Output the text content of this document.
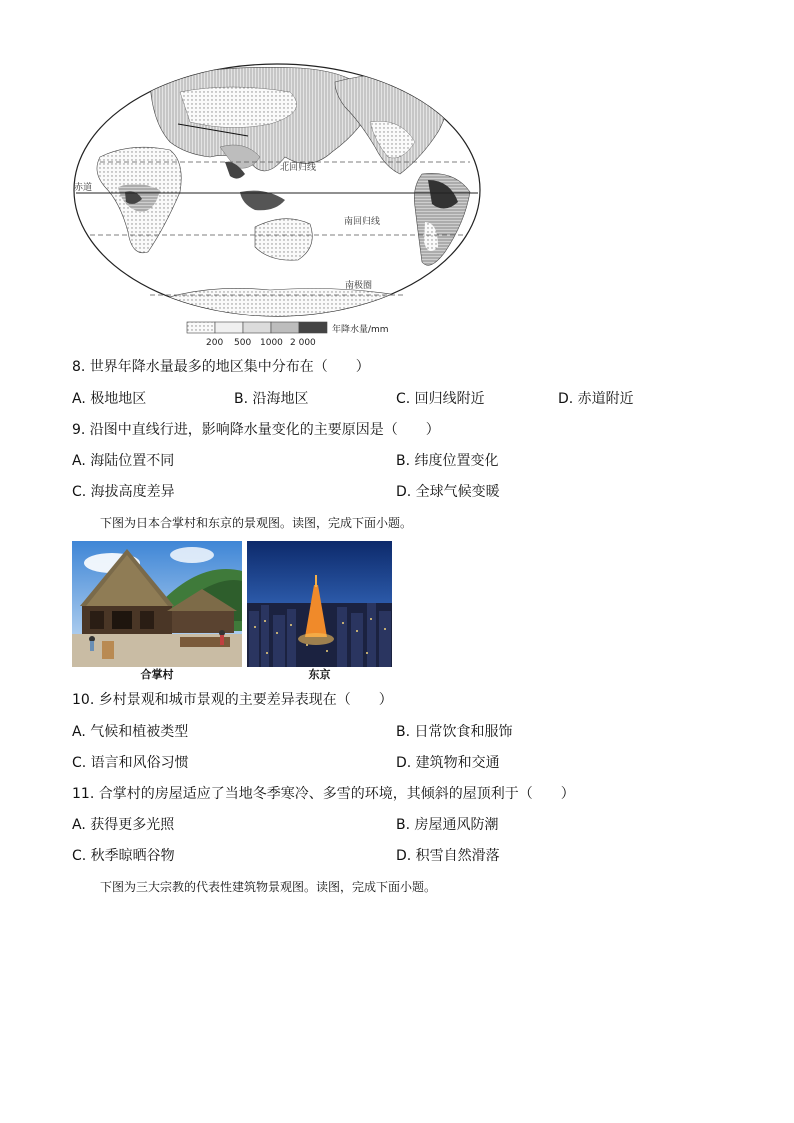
赤道
北回归线
南回归线
南极圈
年降水量/mm
200 500 1000 2 000
8. 世界年降水量最多的地区集中分布在（　　）
A. 极地地区	B. 沿海地区	C. 回归线附近	D. 赤道附近
9. 沿图中直线行进，影响降水量变化的主要原因是（　　）
A. 海陆位置不同	B. 纬度位置变化
C. 海拔高度差异	D. 全球气候变暖
下图为日本合掌村和东京的景观图。读图，完成下面小题。
合掌村	东京
10. 乡村景观和城市景观的主要差异表现在（　　）
A. 气候和植被类型	B. 日常饮食和服饰
C. 语言和风俗习惯	D. 建筑物和交通
11. 合掌村的房屋适应了当地冬季寒冷、多雪的环境，其倾斜的屋顶利于（　　）
A. 获得更多光照	B. 房屋通风防潮
C. 秋季晾晒谷物	D. 积雪自然滑落
下图为三大宗教的代表性建筑物景观图。读图，完成下面小题。
